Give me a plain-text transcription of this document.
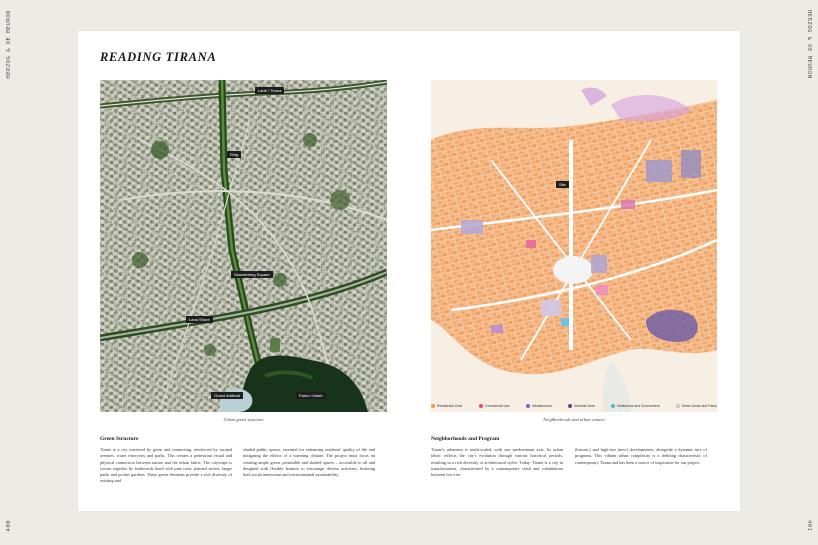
HERZOG & DE MEURON	HERZOG & DE MEURON
400	401
READING TIRANA
Lanë / Tirana
Ring
Skanderbeg Square
Lana Shore
Grand Artificial	Parku i Madh
Site
Residential Zone	Commercial Use	Infrastructure	Informal Zone	Institutions and Government	Green Areas and Parks
Urban green structure	Neighborhoods and urban centers
Green Structure	Neighborhoods and Program

Tirana is a city traversed by green and connecting, reinforced by curated avenues, water reservoirs and parks. This creates a pedestrian visual and physical connection between nature and the urban fabric. The cityscape is woven together by boulevards lined with pine trees, planted streets, larger parks and pocket gardens. These green elements provide a rich diversity of existing and

shaded public spaces, essential for enhancing residents' quality of life and mitigating the effects of a warming climate. The project must focus on creating ample green, permeable and shaded spaces – accessible to all and designed with flexible features to encourage diverse activities, fostering both social interaction and environmental sustainability.

Tirana's urbanism is multi-scaled, with one predominant axis. Its urban fabric reflects the city's evolution through various historical periods, resulting in a rich diversity of architectural styles. Today, Tirana is a city in transformation, characterized by a contemporary clash and cohabitation between low-rise

(historic) and high-rise (new) developments, alongside a dynamic mix of programs. This vibrant urban complexity is a defining characteristic of contemporary Tirana and has been a source of inspiration for our project.
